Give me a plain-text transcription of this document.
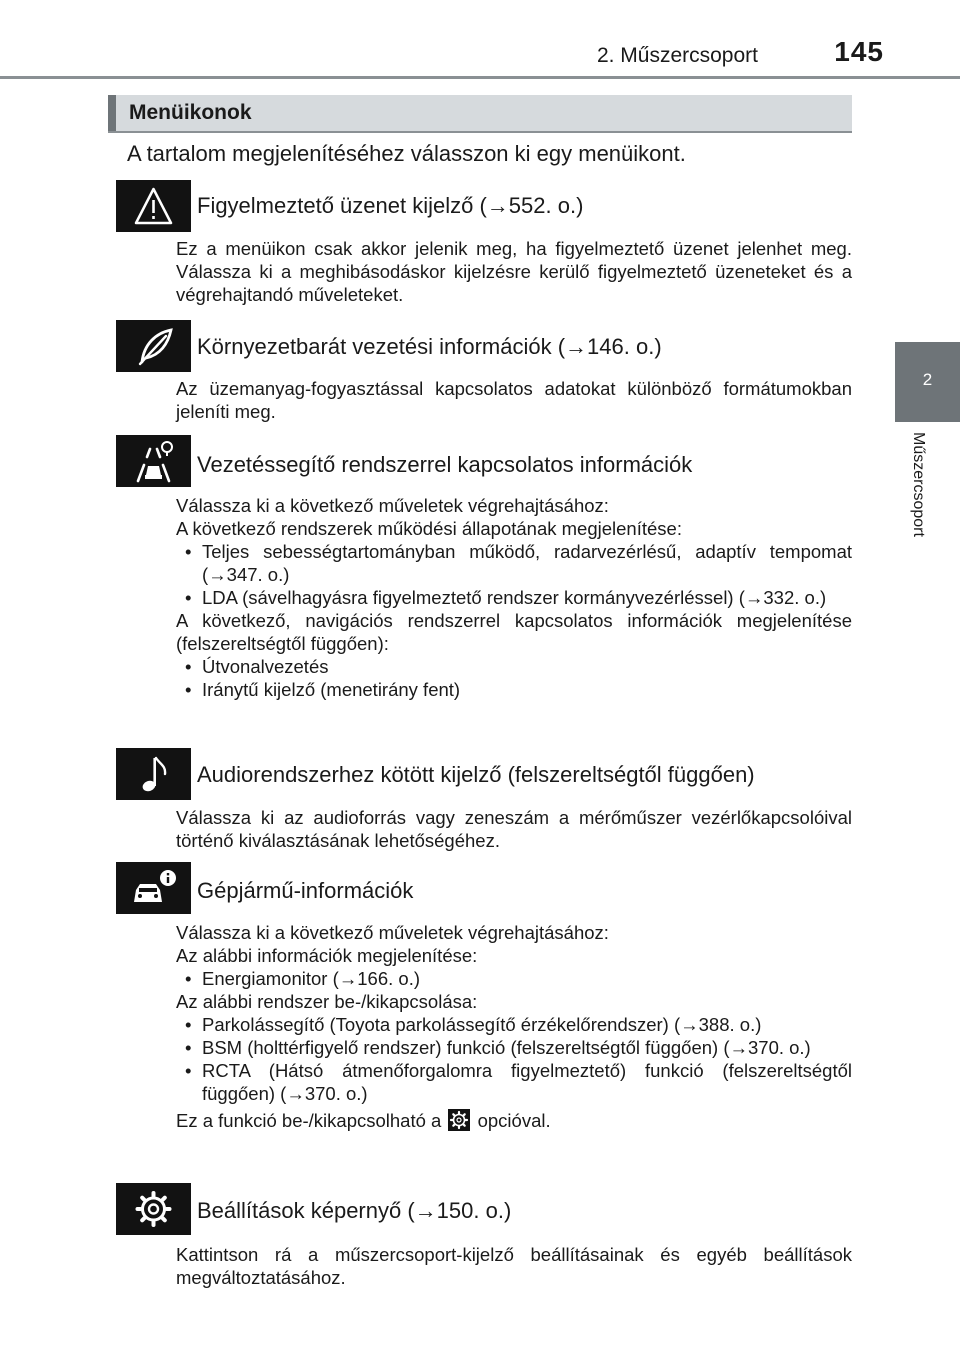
2. Műszercsoport	145
2
Műszercsoport
Menüikonok
A tartalom megjelenítéséhez válasszon ki egy menüikont.
Figyelmeztető üzenet kijelző (→552. o.)

Ez a menüikon csak akkor jelenik meg, ha figyelmeztető üzenet jelenhet meg. Válassza ki a meghibásodáskor kijelzésre kerülő figyelmeztető üzeneteket és a végrehajtandó műveleteket.

Környezetbarát vezetési információk (→146. o.)

Az üzemanyag-fogyasztással kapcsolatos adatokat különböző formátumokban jeleníti meg.

Vezetéssegítő rendszerrel kapcsolatos információk

Válassza ki a következő műveletek végrehajtásához:

A következő rendszerek működési állapotának megjelenítése:

• Teljes sebességtartományban működő, radarvezérlésű, adaptív tempomat (→347. o.)
• LDA (sávelhagyásra figyelmeztető rendszer kormányvezérléssel) (→332. o.)

A következő, navigációs rendszerrel kapcsolatos információk megjelenítése (felszereltségtől függően):

• Útvonalvezetés
• Iránytű kijelző (menetirány fent)
Audiorendszerhez kötött kijelző (felszereltségtől függően)

Válassza ki az audioforrás vagy zeneszám a mérőműszer vezérlőkapcsolóival történő kiválasztásának lehetőségéhez.

Gépjármű-információk

Válassza ki a következő műveletek végrehajtásához:

Az alábbi információk megjelenítése:

• Energiamonitor (→166. o.)

Az alábbi rendszer be-/kikapcsolása:

• Parkolássegítő (Toyota parkolássegítő érzékelőrendszer) (→388. o.)
• BSM (holttérfigyelő rendszer) funkció (felszereltségtől függően) (→370. o.)
• RCTA (Hátsó átmenőforgalomra figyelmeztető) funkció (felszereltségtől függően) (→370. o.)

Ez a funkció be-/kikapcsolható a opcióval.

Beállítások képernyő (→150. o.)

Kattintson rá a műszercsoport-kijelző beállításainak és egyéb beállítások megváltoztatásához.
